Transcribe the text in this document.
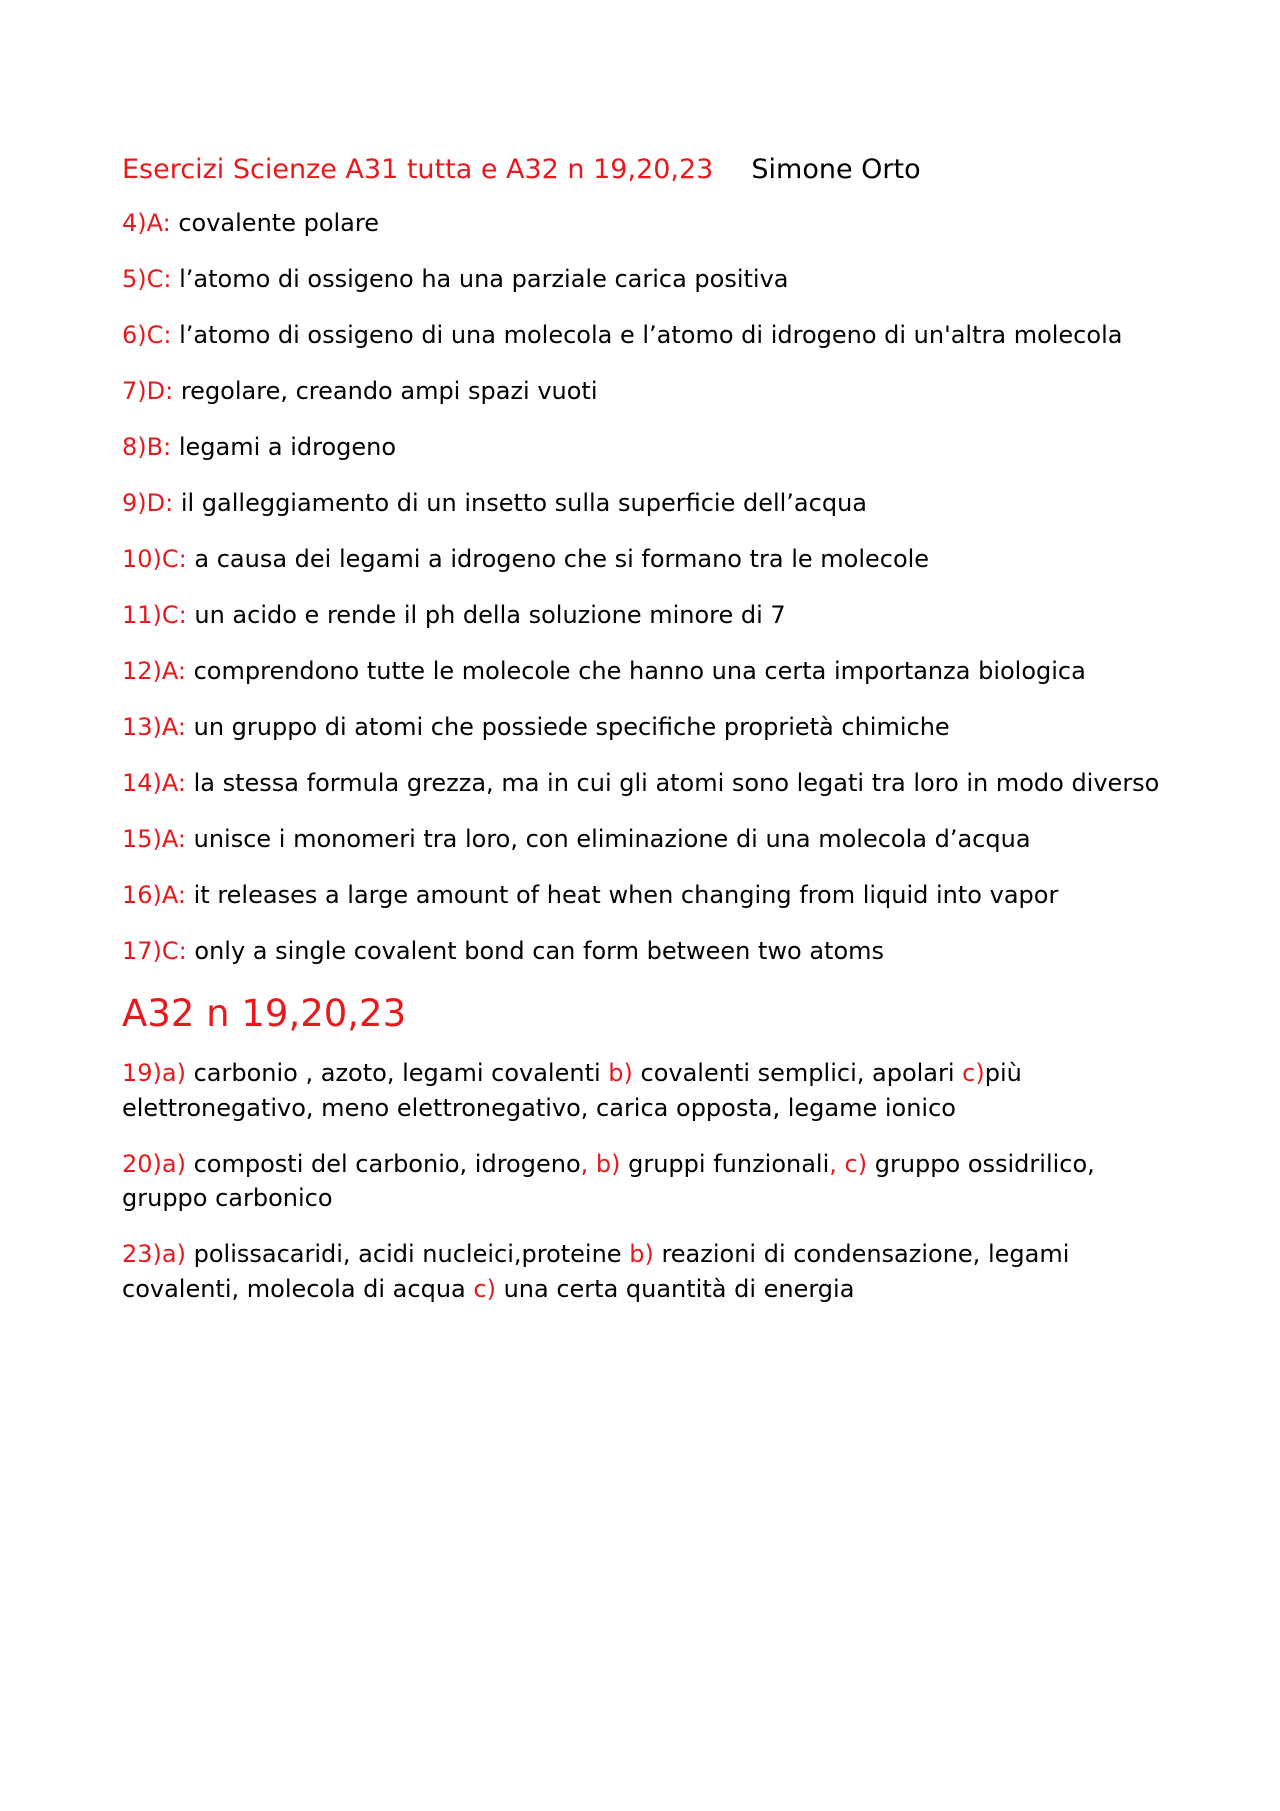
Esercizi Scienze A31 tutta e A32 n 19,20,23 Simone Orto
4)A: covalente polare
5)C: l’atomo di ossigeno ha una parziale carica positiva
6)C: l’atomo di ossigeno di una molecola e l’atomo di idrogeno di un'altra molecola
7)D: regolare, creando ampi spazi vuoti
8)B: legami a idrogeno
9)D: il galleggiamento di un insetto sulla superficie dell’acqua
10)C: a causa dei legami a idrogeno che si formano tra le molecole
11)C: un acido e rende il ph della soluzione minore di 7
12)A: comprendono tutte le molecole che hanno una certa importanza biologica
13)A: un gruppo di atomi che possiede specifiche proprietà chimiche
14)A: la stessa formula grezza, ma in cui gli atomi sono legati tra loro in modo diverso
15)A: unisce i monomeri tra loro, con eliminazione di una molecola d’acqua
16)A: it releases a large amount of heat when changing from liquid into vapor
17)C: only a single covalent bond can form between two atoms
A32 n 19,20,23
19)a) carbonio , azoto, legami covalenti b) covalenti semplici, apolari c)più elettronegativo, meno elettronegativo, carica opposta, legame ionico
20)a) composti del carbonio, idrogeno, b) gruppi funzionali, c) gruppo ossidrilico, gruppo carbonico
23)a) polissacaridi, acidi nucleici,proteine b) reazioni di condensazione, legami covalenti, molecola di acqua c) una certa quantità di energia
